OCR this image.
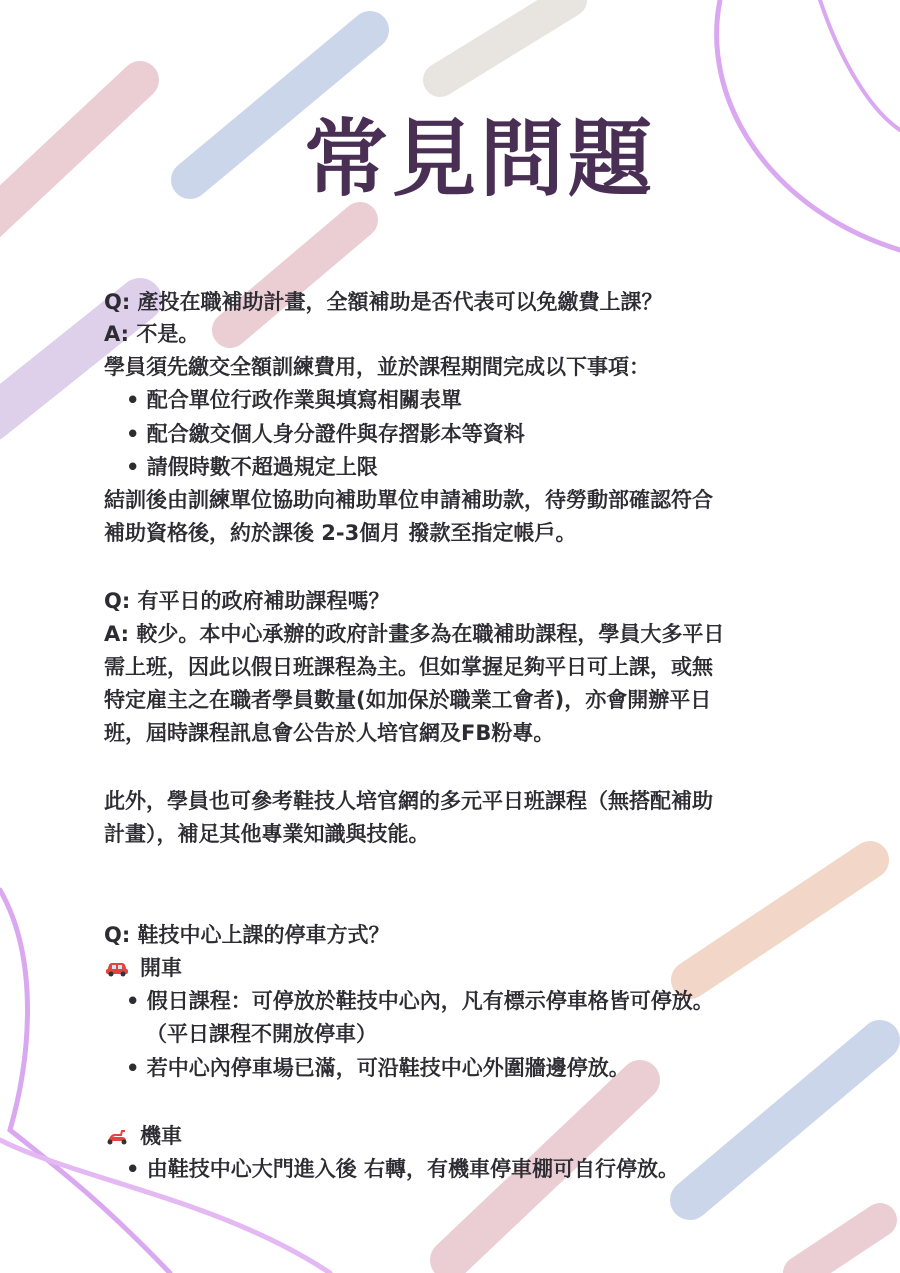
常見問題
Q: 產投在職補助計畫，全額補助是否代表可以免繳費上課？
A: 不是。
學員須先繳交全額訓練費用，並於課程期間完成以下事項：
• 配合單位行政作業與填寫相關表單
• 配合繳交個人身分證件與存摺影本等資料
• 請假時數不超過規定上限
結訓後由訓練單位協助向補助單位申請補助款，待勞動部確認符合
補助資格後，約於課後 2-3個月 撥款至指定帳戶。
Q: 有平日的政府補助課程嗎？
A: 較少。本中心承辦的政府計畫多為在職補助課程，學員大多平日
需上班，因此以假日班課程為主。但如掌握足夠平日可上課，或無
特定雇主之在職者學員數量(如加保於職業工會者)，亦會開辦平日
班，屆時課程訊息會公告於人培官網及FB粉專。
此外，學員也可參考鞋技人培官網的多元平日班課程（無搭配補助
計畫），補足其他專業知識與技能。
Q: 鞋技中心上課的停車方式？
開車
• 假日課程：可停放於鞋技中心內，凡有標示停車格皆可停放。
（平日課程不開放停車）
• 若中心內停車場已滿，可沿鞋技中心外圍牆邊停放。
機車
• 由鞋技中心大門進入後 右轉，有機車停車棚可自行停放。
